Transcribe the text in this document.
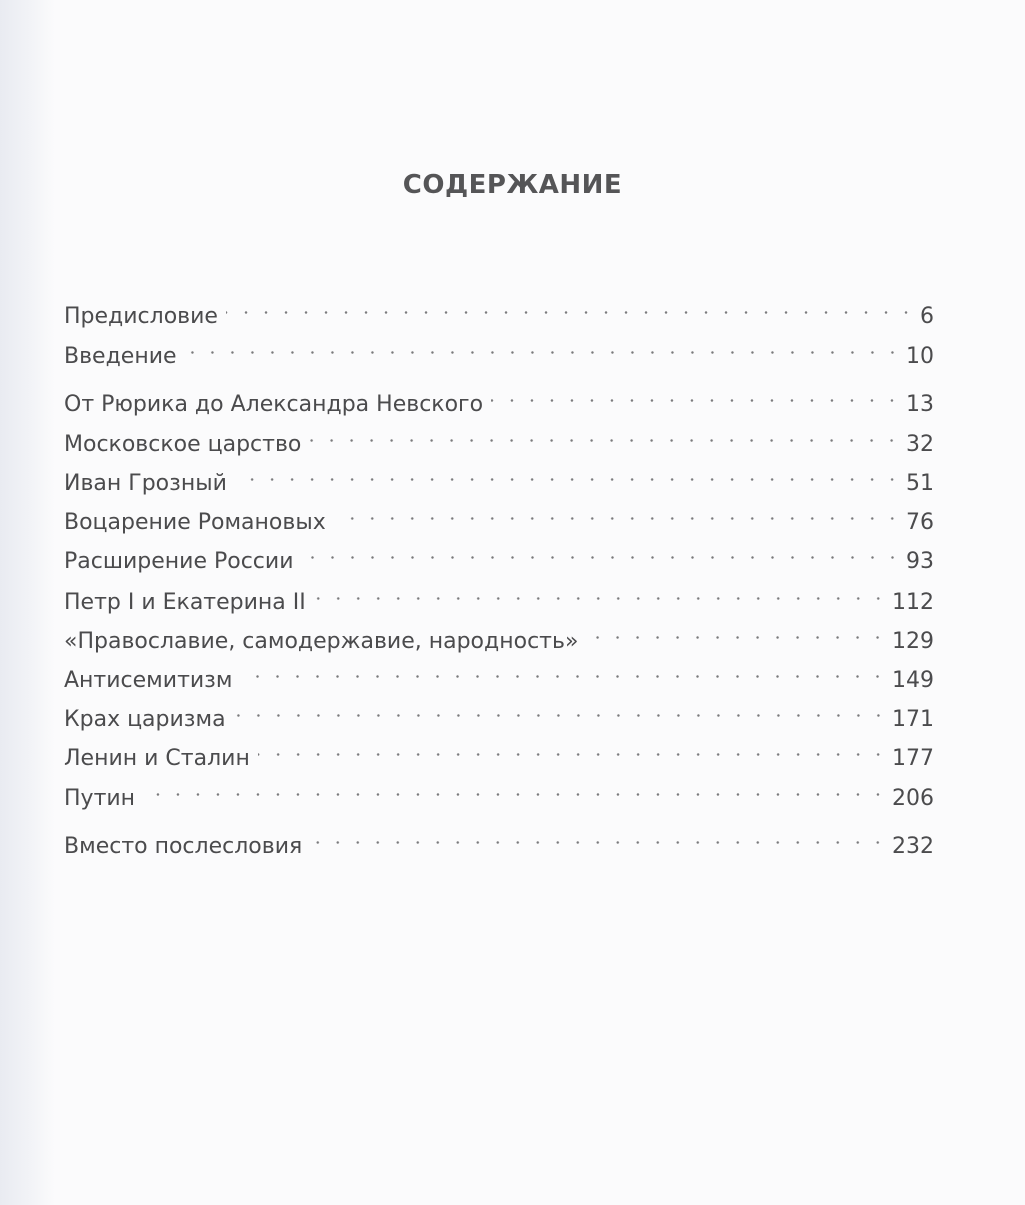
СОДЕРЖАНИЕ
Предисловие	6
Введение	10
От Рюрика до Александра Невского	13
Московское царство	32
Иван Грозный	51
Воцарение Романовых	76
Расширение России	93
Петр I и Екатерина II	112
«Православие, самодержавие, народность»	129
Антисемитизм	149
Крах царизма	171
Ленин и Сталин	177
Путин	206
Вместо послесловия	232
